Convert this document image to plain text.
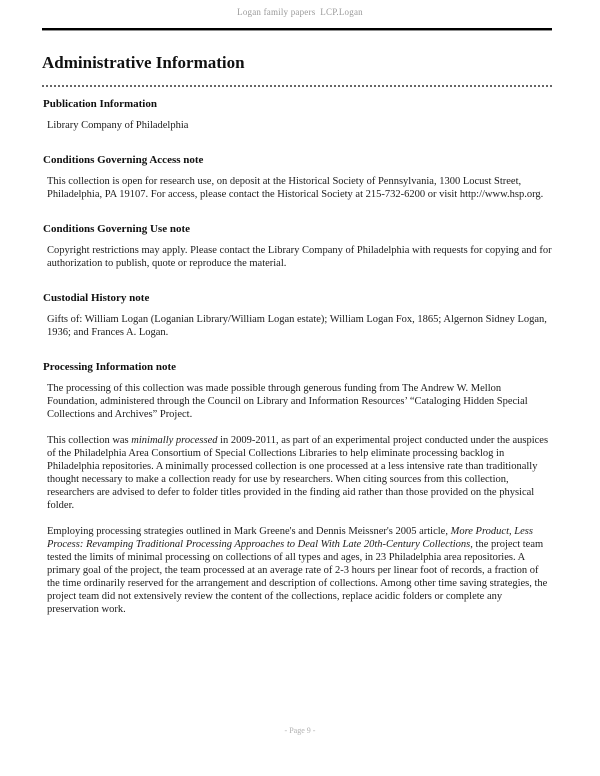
Logan family papers  LCP.Logan
Administrative Information
Publication Information

Library Company of Philadelphia

Conditions Governing Access note

This collection is open for research use, on deposit at the Historical Society of Pennsylvania, 1300 Locust Street, Philadelphia, PA 19107. For access, please contact the Historical Society at 215-732-6200 or visit http://www.hsp.org.

Conditions Governing Use note

Copyright restrictions may apply. Please contact the Library Company of Philadelphia with requests for copying and for authorization to publish, quote or reproduce the material.

Custodial History note

Gifts of: William Logan (Loganian Library/William Logan estate); William Logan Fox, 1865; Algernon Sidney Logan, 1936; and Frances A. Logan.

Processing Information note

The processing of this collection was made possible through generous funding from The Andrew W. Mellon Foundation, administered through the Council on Library and Information Resources’ “Cataloging Hidden Special Collections and Archives” Project.

This collection was minimally processed in 2009-2011, as part of an experimental project conducted under the auspices of the Philadelphia Area Consortium of Special Collections Libraries to help eliminate processing backlog in Philadelphia repositories. A minimally processed collection is one processed at a less intensive rate than traditionally thought necessary to make a collection ready for use by researchers. When citing sources from this collection, researchers are advised to defer to folder titles provided in the finding aid rather than those provided on the physical folder.

Employing processing strategies outlined in Mark Greene's and Dennis Meissner's 2005 article, More Product, Less Process: Revamping Traditional Processing Approaches to Deal With Late 20th-Century Collections, the project team tested the limits of minimal processing on collections of all types and ages, in 23 Philadelphia area repositories. A primary goal of the project, the team processed at an average rate of 2-3 hours per linear foot of records, a fraction of the time ordinarily reserved for the arrangement and description of collections. Among other time saving strategies, the project team did not extensively review the content of the collections, replace acidic folders or complete any preservation work.

- Page 9 -
